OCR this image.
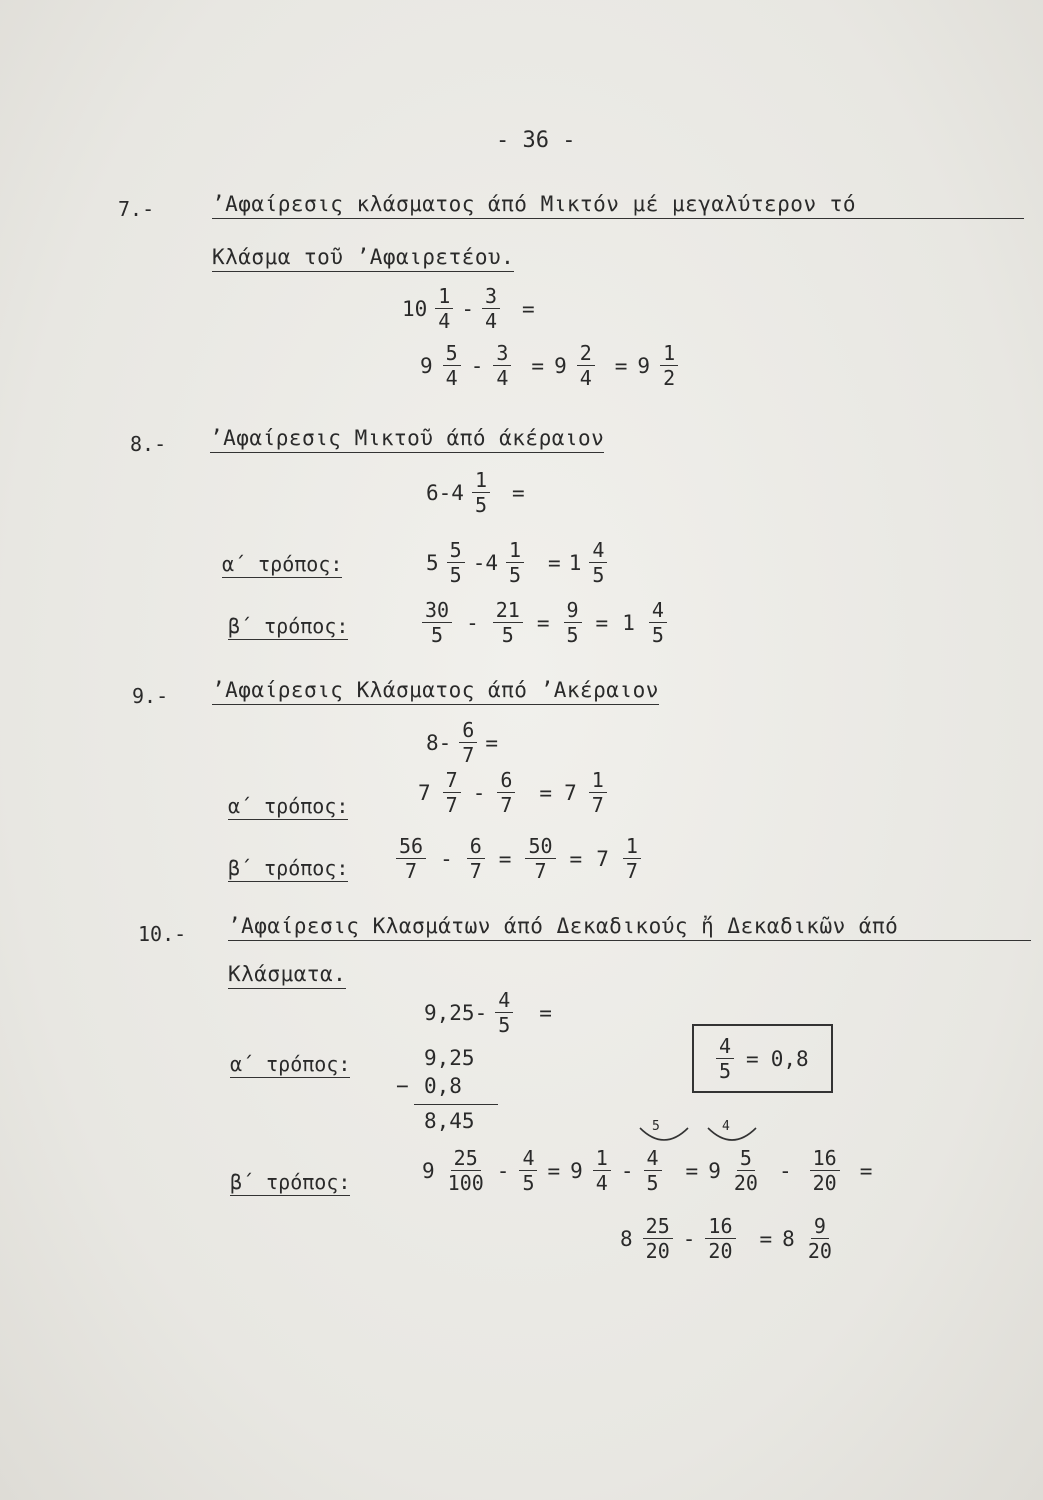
- 36 -
7.-	’Αφαίρεσις κλάσματος άπό Μικτόν μέ μεγαλύτερον τό
Κλάσμα τοῦ ’Αφαιρετέου.
$10 \frac{1}{4} - \frac{3}{4}$ =
$9 \frac{5}{4} - \frac{3}{4} = 9 \frac{2}{4} = 9 \frac{1}{2}$
8.- ’Αφαίρεσις Μικτοῦ άπό άκέραιον
$6-4 \frac{1}{5}$ =
α΄ τρόπος:	$5 \frac{5}{5} -4 \frac{1}{5} = 1 \frac{4}{5}$
β΄ τρόπος:	$\frac{30}{5} - \frac{21}{5} = \frac{9}{5} = 1 \frac{4}{5}$
9.- ’Αφαίρεσις Κλάσματος άπό ’Ακέραιον
$8- \frac{6}{7}$ =
α΄ τρόπος:
$7 \frac{7}{7} - \frac{6}{7} = 7 \frac{1}{7}$
β΄ τρόπος: $\frac{56}{7} - \frac{6}{7} = \frac{50}{7} = 7 \frac{1}{7}$
10.- ’Αφαίρεσις Κλασμάτων άπό Δεκαδικούς ἤ Δεκαδικῶν άπό
Κλάσματα.
$9,25- \frac{4}{5}$ =
α΄ τρόπος:	9,25
− 0,8
8,45
$\frac{4}{5} = 0,8$
5	4
β΄ τρόπος:	$9 \frac{25}{100} - \frac{4}{5} = 9 \frac{1}{4} - \frac{4}{5} = 9 \frac{5}{20} - \frac{16}{20}$ =
$8 \frac{25}{20} - \frac{16}{20} = 8 \frac{9}{20}$
